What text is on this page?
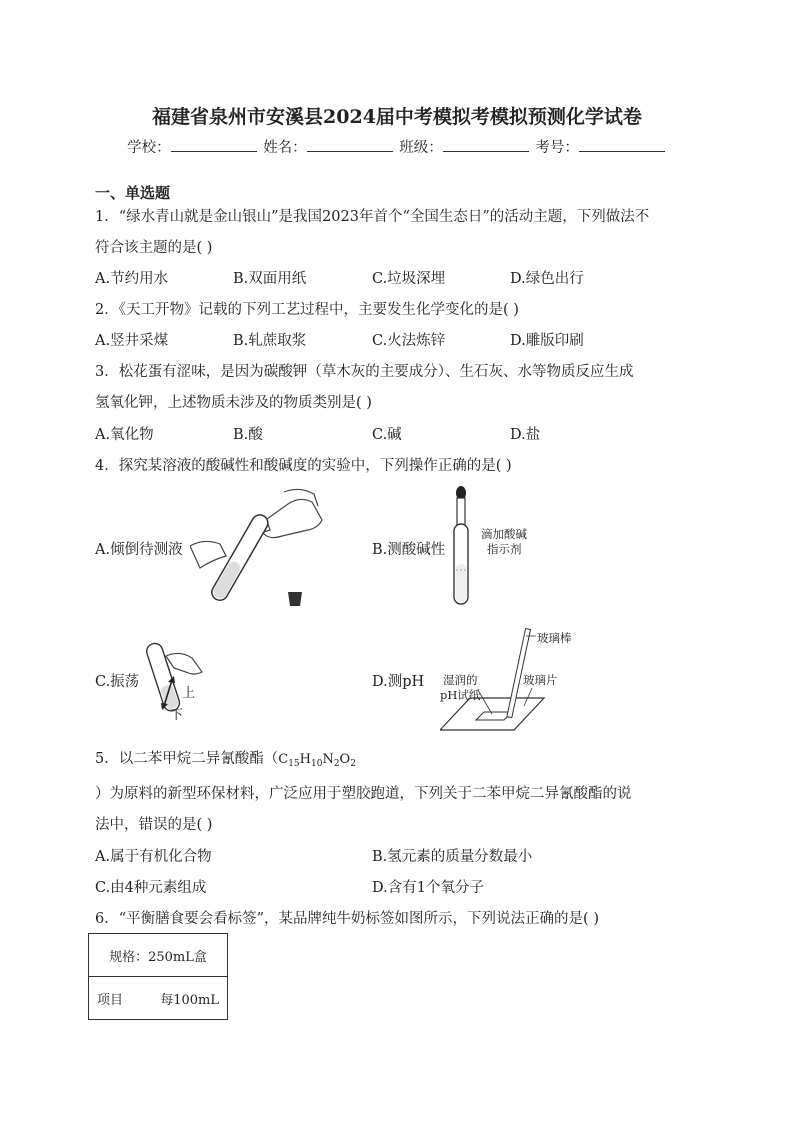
福建省泉州市安溪县2024届中考模拟考模拟预测化学试卷
学校：	姓名：	班级：	考号：
一、单选题
1．“绿水青山就是金山银山”是我国2023年首个“全国生态日”的活动主题，下列做法不
符合该主题的是( )
A.节约用水	B.双面用纸	C.垃圾深埋	D.绿色出行
2．《天工开物》记载的下列工艺过程中，主要发生化学变化的是( )
A.竖井采煤	B.轧蔗取浆	C.火法炼锌	D.雕版印刷
3．松花蛋有涩味，是因为碳酸钾（草木灰的主要成分）、生石灰、水等物质反应生成
氢氧化钾，上述物质未涉及的物质类别是( )
A.氧化物	B.酸	C.碱	D.盐
4．探究某溶液的酸碱性和酸碱度的实验中，下列操作正确的是( )
A.倾倒待测液	B.测酸碱性
滴加酸碱
指示剂
C.振荡
上
下
D.测pH
玻璃棒
湿润的
pH试纸
玻璃片
5．以二苯甲烷二异氰酸酯（$C_{15}H_{10}N_2O_2$
）为原料的新型环保材料，广泛应用于塑胶跑道，下列关于二苯甲烷二异氰酸酯的说
法中，错误的是( )
A.属于有机化合物	B.氢元素的质量分数最小
C.由4种元素组成	D.含有1个氧分子
6．“平衡膳食要会看标签”，某品牌纯牛奶标签如图所示，下列说法正确的是( )
规格：250mL盒
项目	每100mL
